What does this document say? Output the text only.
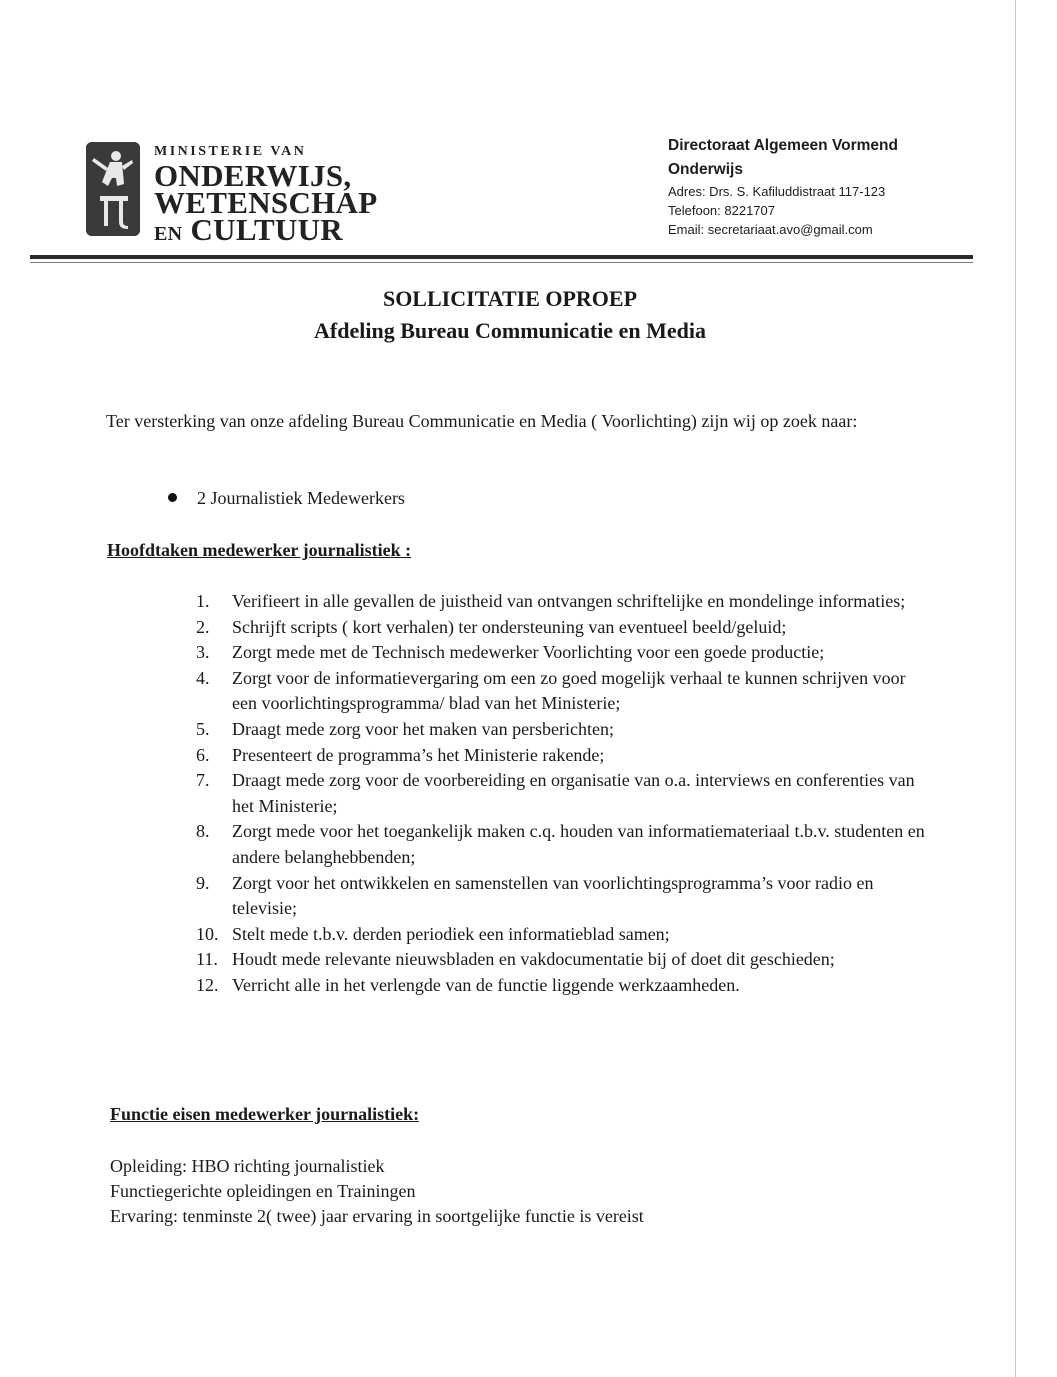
MINISTERIE VAN
ONDERWIJS,
WETENSCHAP
EN CULTUUR
Directoraat Algemeen Vormend
Onderwijs
Adres: Drs. S. Kafiluddistraat 117-123
Telefoon: 8221707
Email: secretariaat.avo@gmail.com
SOLLICITATIE OPROEP
Afdeling Bureau Communicatie en Media
Ter versterking van onze afdeling Bureau Communicatie en Media ( Voorlichting) zijn wij op zoek naar:
2 Journalistiek Medewerkers
Hoofdtaken medewerker journalistiek :
1.	Verifieert in alle gevallen de juistheid van ontvangen schriftelijke en mondelinge informaties;
2.	Schrijft scripts ( kort verhalen) ter ondersteuning van eventueel beeld/geluid;
3.	Zorgt mede met de Technisch medewerker Voorlichting voor een goede productie;
4.	Zorgt voor de informatievergaring om een zo goed mogelijk verhaal te kunnen schrijven voor een voorlichtingsprogramma/ blad van het Ministerie;
5.	Draagt mede zorg voor het maken van persberichten;
6.	Presenteert de programma’s het Ministerie rakende;
7.	Draagt mede zorg voor de voorbereiding en organisatie van o.a. interviews en conferenties van het Ministerie;
8.	Zorgt mede voor het toegankelijk maken c.q. houden van informatiemateriaal t.b.v. studenten en andere belanghebbenden;
9.	Zorgt voor het ontwikkelen en samenstellen van voorlichtingsprogramma’s voor radio en televisie;
10. Stelt mede t.b.v. derden periodiek een informatieblad samen;
11. Houdt mede relevante nieuwsbladen en vakdocumentatie bij of doet dit geschieden;
12. Verricht alle in het verlengde van de functie liggende werkzaamheden.
Functie eisen medewerker journalistiek:
Opleiding: HBO richting journalistiek
Functiegerichte opleidingen en Trainingen
Ervaring: tenminste 2( twee) jaar ervaring in soortgelijke functie is vereist
